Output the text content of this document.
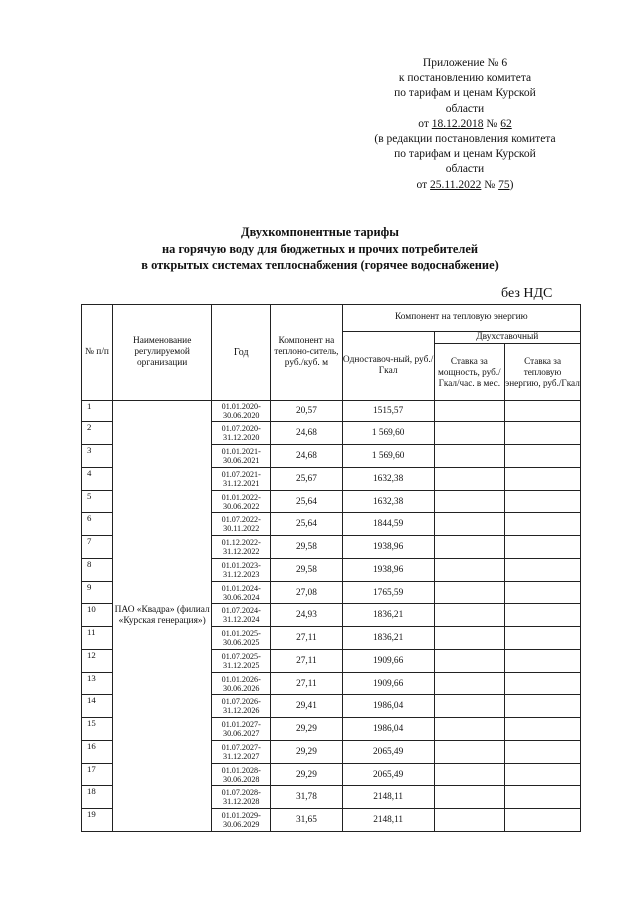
Приложение № 6
к постановлению комитета
по тарифам и ценам Курской
области
от 18.12.2018 № 62
(в редакции постановления комитета
по тарифам и ценам Курской
области
от 25.11.2022 № 75)
Двухкомпонентные тарифы
на горячую воду для бюджетных и прочих потребителей
в открытых системах теплоснабжения (горячее водоснабжение)
без НДС
№ п/п	Наименование регулируемой организации	Год	Компонент на теплоно-ситель, руб./куб. м	Компонент на тепловую энергию		
				Одноставоч-ный, руб./Гкал	Двухставочный	
					Ставка за мощность, руб./Гкал/час. в мес.	Ставка за тепловую энергию, руб./Гкал
1	ПАО «Квадра» (филиал «Курская генерация»)	01.01.2020-30.06.2020	20,57	1515,57		
2		01.07.2020-31.12.2020	24,68	1 569,60		
3		01.01.2021-30.06.2021	24,68	1 569,60		
4		01.07.2021-31.12.2021	25,67	1632,38		
5		01.01.2022-30.06.2022	25,64	1632,38		
6		01.07.2022-30.11.2022	25,64	1844,59		
7		01.12.2022-31.12.2022	29,58	1938,96		
8		01.01.2023-31.12.2023	29,58	1938,96		
9		01.01.2024-30.06.2024	27,08	1765,59		
10		01.07.2024-31.12.2024	24,93	1836,21		
11		01.01.2025-30.06.2025	27,11	1836,21		
12		01.07.2025-31.12.2025	27,11	1909,66		
13		01.01.2026-30.06.2026	27,11	1909,66		
14		01.07.2026-31.12.2026	29,41	1986,04		
15		01.01.2027-30.06.2027	29,29	1986,04		
16		01.07.2027-31.12.2027	29,29	2065,49		
17		01.01.2028-30.06.2028	29,29	2065,49		
18		01.07.2028-31.12.2028	31,78	2148,11		
19		01.01.2029-30.06.2029	31,65	2148,11		
